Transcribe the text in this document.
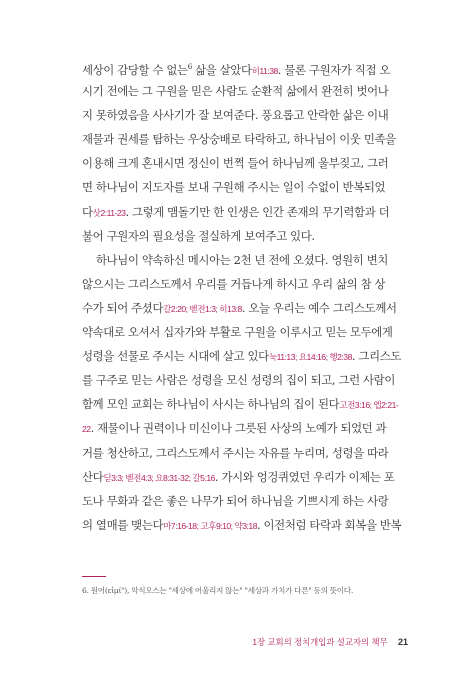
세상이 감당할 수 없는$^6$ 삶을 살았다히11:38. 물론 구원자가 직접 오
시기 전에는 그 구원을 믿은 사람도 순환적 삶에서 완전히 벗어나
지 못하였음을 사사기가 잘 보여준다. 풍요롭고 안락한 삶은 이내
재물과 권세를 탐하는 우상숭배로 타락하고, 하나님이 이웃 민족을
이용해 크게 혼내시면 정신이 번쩍 들어 하나님께 울부짖고, 그러
면 하나님이 지도자를 보내 구원해 주시는 일이 수없이 반복되었
다삿2:11-23. 그렇게 맴돌기만 한 인생은 인간 존재의 무기력함과 더
불어 구원자의 필요성을 절실하게 보여주고 있다.
하나님이 약속하신 메시아는 2천 년 전에 오셨다. 영원히 변치
않으시는 그리스도께서 우리를 거듭나게 하시고 우리 삶의 참 상
수가 되어 주셨다갈2:20; 벧전1:3; 히13:8. 오늘 우리는 예수 그리스도께서
약속대로 오셔서 십자가와 부활로 구원을 이루시고 믿는 모두에게
성령을 선물로 주시는 시대에 살고 있다눅11:13; 요14:16; 행2:38. 그리스도
를 구주로 믿는 사람은 성령을 모신 성령의 집이 되고, 그런 사람이
함께 모인 교회는 하나님이 사시는 하나님의 집이 된다고전3:16; 엡2:21-
22. 재물이나 권력이나 미신이나 그릇된 사상의 노예가 되었던 과
거를 청산하고, 그리스도께서 주시는 자유를 누리며, 성령을 따라
산다딛3:3; 벧전4:3; 요8:31-32; 갈5:16. 가시와 엉겅퀴였던 우리가 이제는 포
도나 무화과 같은 좋은 나무가 되어 하나님을 기쁘시게 하는 사랑
의 열매를 맺는다마7:16-18; 고후9:10; 약3:18. 이전처럼 타락과 회복을 반복
6. 원어(εἰμί"), 악식오스는 "세상에 어울리지 않는" "세상과 가치가 다른" 등의 뜻이다.
1장 교회의 정치개입과 설교자의 책무 21
